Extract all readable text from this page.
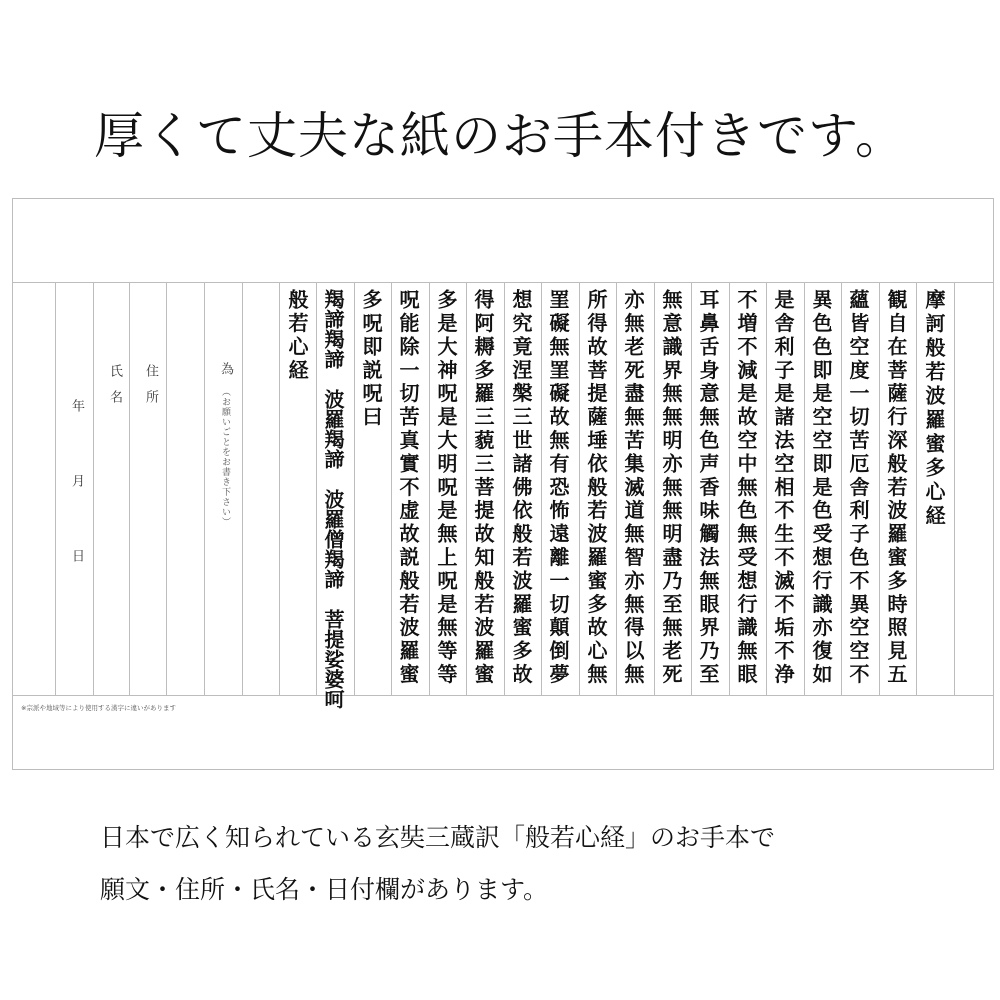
厚くて丈夫な紙のお手本付きです。
年　　月　　日
氏　名 住　所	為
（お願いごとをお書き下さい）	摩訶般若波羅蜜多心経
観自在菩薩行深般若波羅蜜多時照見五
蘊皆空度一切苦厄舎利子色不異空空不
異色色即是空空即是色受想行識亦復如
是舎利子是諸法空相不生不滅不垢不浄
不増不減是故空中無色無受想行識無眼
耳鼻舌身意無色声香味觸法無眼界乃至
無意識界無無明亦無無明盡乃至無老死
亦無老死盡無苦集滅道無智亦無得以無
所得故菩提薩埵依般若波羅蜜多故心無
罣礙無罣礙故無有恐怖遠離一切顛倒夢
想究竟涅槃三世諸佛依般若波羅蜜多故
得阿耨多羅三藐三菩提故知般若波羅蜜
多是大神呪是大明呪是無上呪是無等等
呪能除一切苦真實不虚故説般若波羅蜜
多呪即説呪曰
羯諦羯諦　波羅羯諦　波羅僧羯諦　菩提娑婆呵
般若心経
※宗派や地域等により使用する漢字に違いがあります
日本で広く知られている玄奘三蔵訳「般若心経」のお手本で
願文・住所・氏名・日付欄があります。
